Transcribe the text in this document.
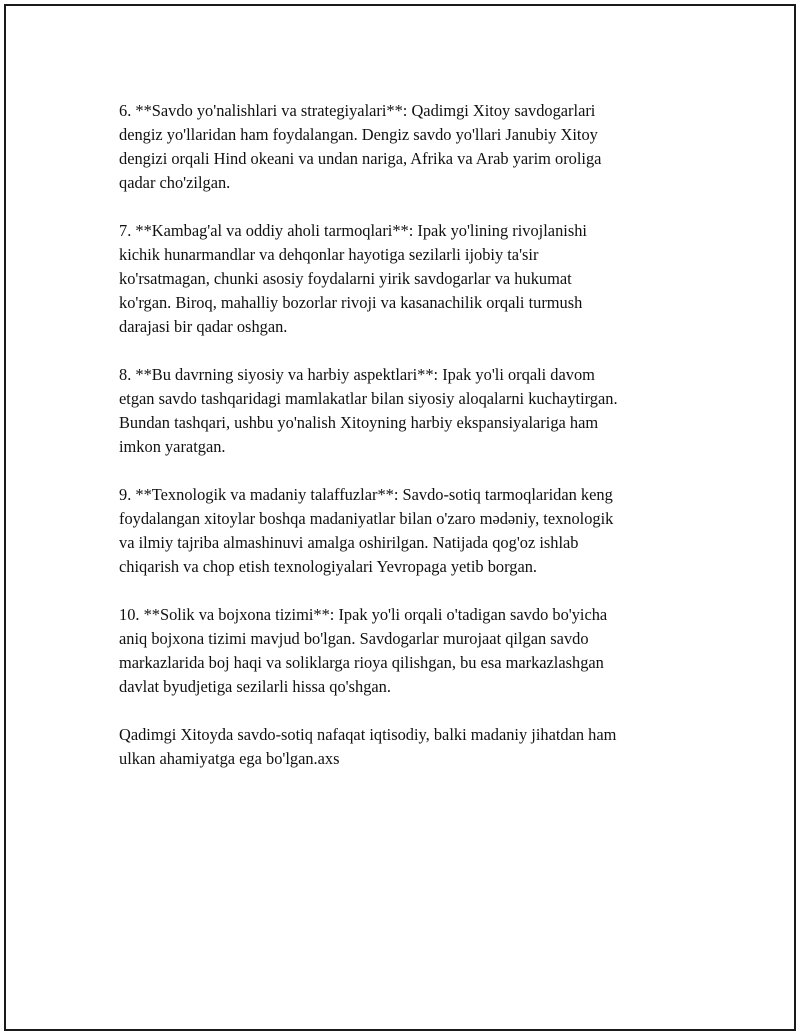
6. **Savdo yo'nalishlari va strategiyalari**: Qadimgi Xitoy savdogarlari
dengiz yo'llaridan ham foydalangan. Dengiz savdo yo'llari Janubiy Xitoy
dengizi orqali Hind okeani va undan nariga, Afrika va Arab yarim oroliga
qadar cho'zilgan.

7. **Kambag'al va oddiy aholi tarmoqlari**: Ipak yo'lining rivojlanishi
kichik hunarmandlar va dehqonlar hayotiga sezilarli ijobiy ta'sir
ko'rsatmagan, chunki asosiy foydalarni yirik savdogarlar va hukumat
ko'rgan. Biroq, mahalliy bozorlar rivoji va kasanachilik orqali turmush
darajasi bir qadar oshgan.

8. **Bu davrning siyosiy va harbiy aspektlari**: Ipak yo'li orqali davom
etgan savdo tashqaridagi mamlakatlar bilan siyosiy aloqalarni kuchaytirgan.
Bundan tashqari, ushbu yo'nalish Xitoyning harbiy ekspansiyalariga ham
imkon yaratgan.

9. **Texnologik va madaniy talaffuzlar**: Savdo-sotiq tarmoqlaridan keng
foydalangan xitoylar boshqa madaniyatlar bilan o'zaro mədəniy, texnologik
va ilmiy tajriba almashinuvi amalga oshirilgan. Natijada qog'oz ishlab
chiqarish va chop etish texnologiyalari Yevropaga yetib borgan.

10. **Solik va bojxona tizimi**: Ipak yo'li orqali o'tadigan savdo bo'yicha
aniq bojxona tizimi mavjud bo'lgan. Savdogarlar murojaat qilgan savdo
markazlarida boj haqi va soliklarga rioya qilishgan, bu esa markazlashgan
davlat byudjetiga sezilarli hissa qo'shgan.

Qadimgi Xitoyda savdo-sotiq nafaqat iqtisodiy, balki madaniy jihatdan ham
ulkan ahamiyatga ega bo'lgan.axs
